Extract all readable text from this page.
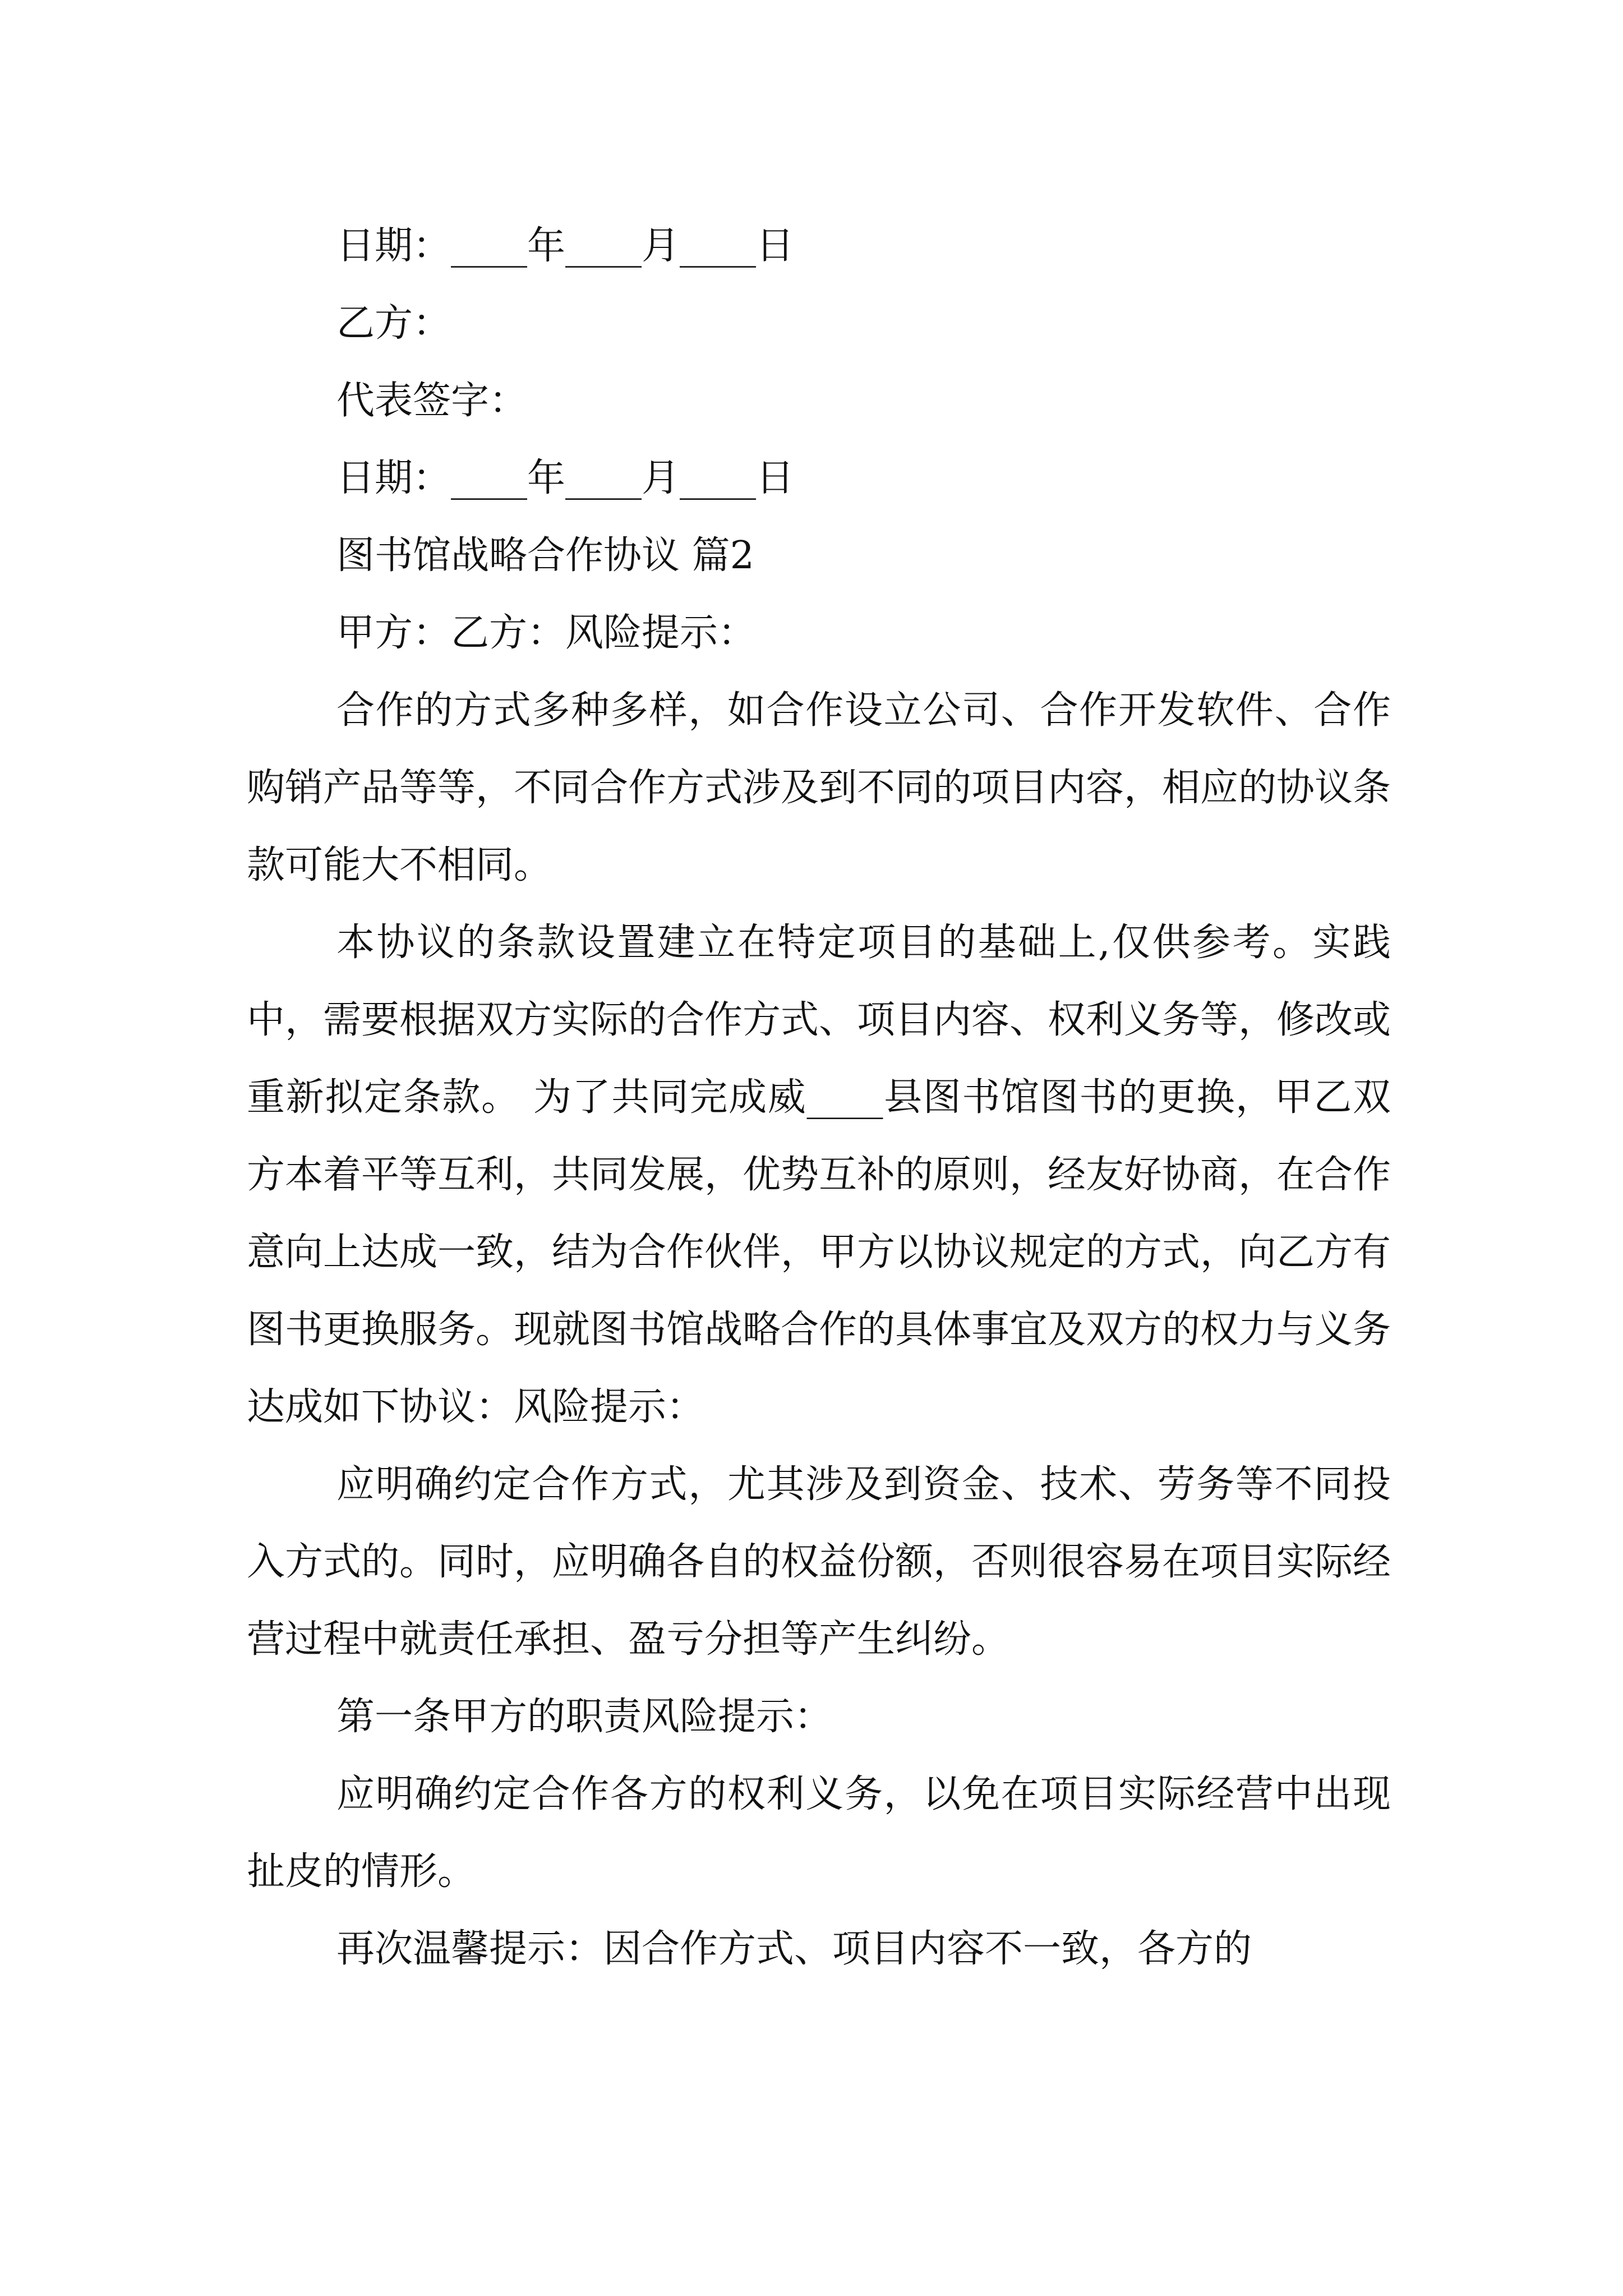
日期：____年____月____日
乙方：
代表签字：
日期：____年____月____日
图书馆战略合作协议 篇2
甲方：乙方：风险提示：

合作的方式多种多样，如合作设立公司、合作开发软件、合作购销产品等等，不同合作方式涉及到不同的项目内容，相应的协议条款可能大不相同。

本协议的条款设置建立在特定项目的基础上,仅供参考。实践中，需要根据双方实际的合作方式、项目内容、权利义务等，修改或重新拟定条款。 为了共同完成威____县图书馆图书的更换，甲乙双方本着平等互利，共同发展，优势互补的原则，经友好协商，在合作意向上达成一致，结为合作伙伴，甲方以协议规定的方式，向乙方有图书更换服务。现就图书馆战略合作的具体事宜及双方的权力与义务达成如下协议：风险提示：

应明确约定合作方式，尤其涉及到资金、技术、劳务等不同投入方式的。同时，应明确各自的权益份额，否则很容易在项目实际经营过程中就责任承担、盈亏分担等产生纠纷。

第一条甲方的职责风险提示：

应明确约定合作各方的权利义务，以免在项目实际经营中出现扯皮的情形。

再次温馨提示：因合作方式、项目内容不一致，各方的
